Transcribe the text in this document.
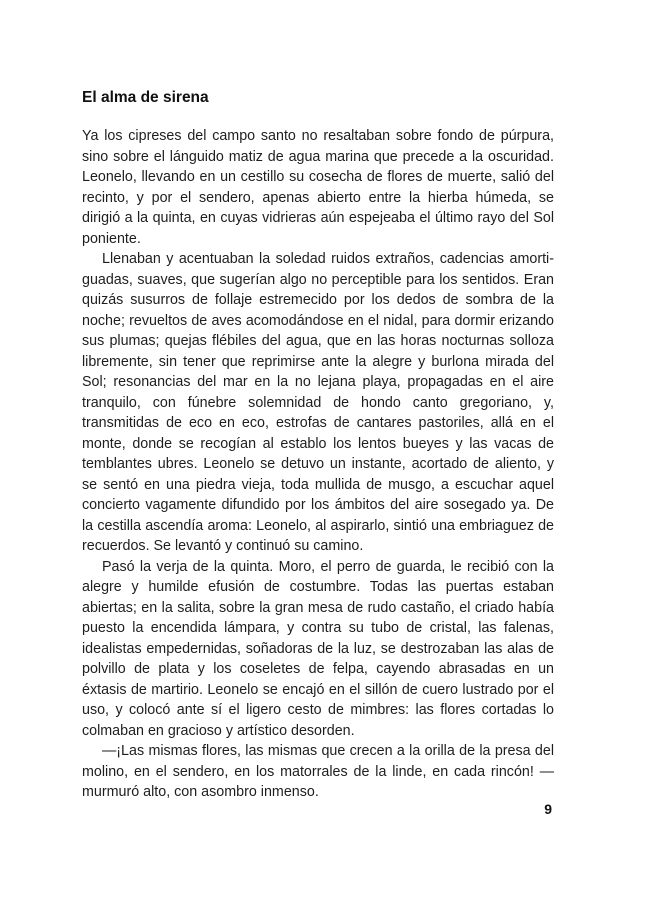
El alma de sirena

Ya los cipreses del campo santo no resaltaban sobre fondo de púrpura, sino sobre el lánguido matiz de agua marina que precede a la oscuridad. Leonelo, llevando en un cestillo su cosecha de flores de muerte, salió del recinto, y por el sendero, apenas abierto entre la hierba húmeda, se dirigió a la quinta, en cuyas vidrieras aún espejeaba el último rayo del Sol poniente.

Llenaban y acentuaban la soledad ruidos extraños, cadencias amortiguadas, suaves, que sugerían algo no perceptible para los sentidos. Eran quizás susurros de follaje estremecido por los dedos de sombra de la noche; revueltos de aves acomodándose en el nidal, para dormir erizando sus plumas; quejas flébiles del agua, que en las horas nocturnas solloza libremente, sin tener que reprimirse ante la alegre y burlona mirada del Sol; resonancias del mar en la no lejana playa, propagadas en el aire tranquilo, con fúnebre solemnidad de hondo canto gregoriano, y, transmitidas de eco en eco, estrofas de cantares pastoriles, allá en el monte, donde se recogían al establo los lentos bueyes y las vacas de temblantes ubres. Leonelo se detuvo un instante, acortado de aliento, y se sentó en una piedra vieja, toda mullida de musgo, a escuchar aquel concierto vagamente difundido por los ámbitos del aire sosegado ya. De la cestilla ascendía aroma: Leonelo, al aspirarlo, sintió una embriaguez de recuerdos. Se levantó y continuó su camino.

Pasó la verja de la quinta. Moro, el perro de guarda, le recibió con la alegre y humilde efusión de costumbre. Todas las puertas estaban abiertas; en la salita, sobre la gran mesa de rudo castaño, el criado había puesto la encendida lámpara, y contra su tubo de cristal, las falenas, idealistas empedernidas, soñadoras de la luz, se destrozaban las alas de polvillo de plata y los coseletes de felpa, cayendo abrasadas en un éxtasis de martirio. Leonelo se encajó en el sillón de cuero lustrado por el uso, y colocó ante sí el ligero cesto de mimbres: las flores cortadas lo colmaban en gracioso y artístico desorden.

—¡Las mismas flores, las mismas que crecen a la orilla de la presa del molino, en el sendero, en los matorrales de la linde, en cada rincón! —murmuró alto, con asombro inmenso.

9
